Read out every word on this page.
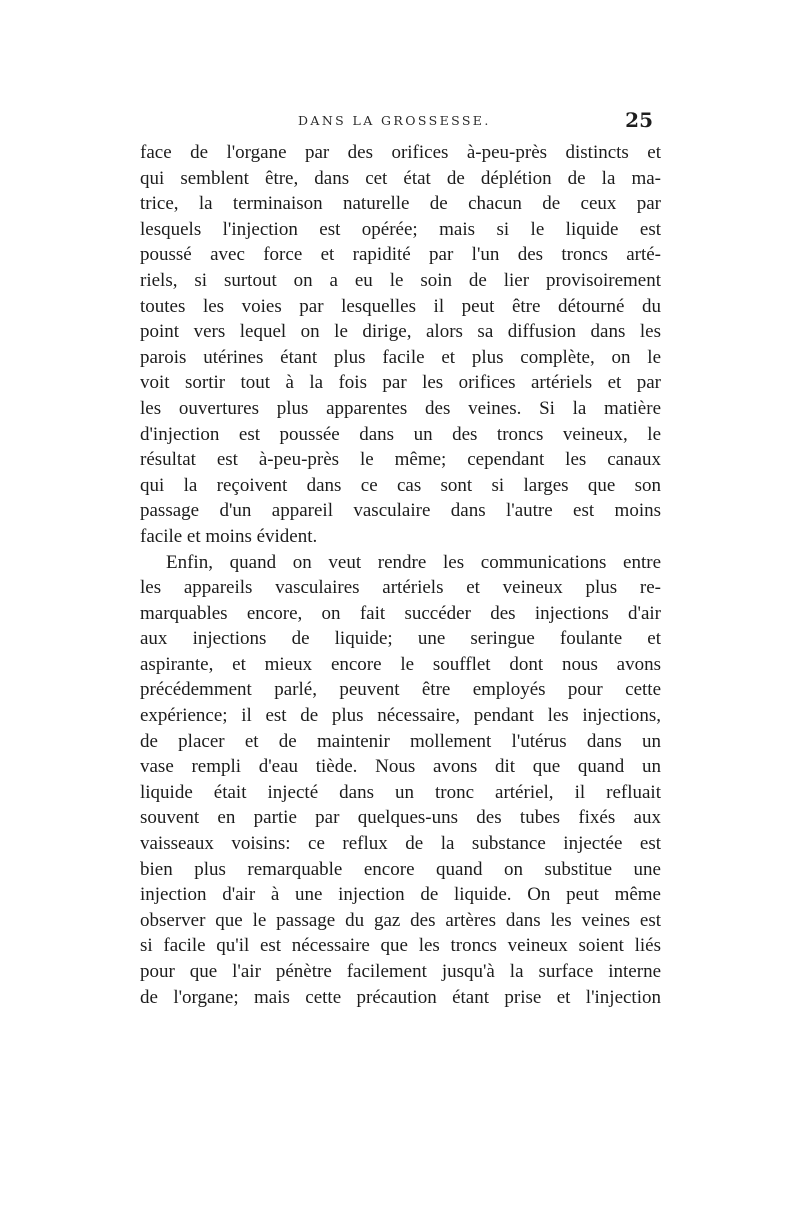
DANS LA GROSSESSE.	25
face de l'organe par des orifices à-peu-près distincts et
qui semblent être, dans cet état de déplétion de la ma-
trice, la terminaison naturelle de chacun de ceux par
lesquels l'injection est opérée; mais si le liquide est
poussé avec force et rapidité par l'un des troncs arté-
riels, si surtout on a eu le soin de lier provisoirement
toutes les voies par lesquelles il peut être détourné du
point vers lequel on le dirige, alors sa diffusion dans les
parois utérines étant plus facile et plus complète, on le
voit sortir tout à la fois par les orifices artériels et par
les ouvertures plus apparentes des veines. Si la matière
d'injection est poussée dans un des troncs veineux, le
résultat est à-peu-près le même; cependant les canaux
qui la reçoivent dans ce cas sont si larges que son
passage d'un appareil vasculaire dans l'autre est moins
facile et moins évident.
Enfin, quand on veut rendre les communications entre
les appareils vasculaires artériels et veineux plus re-
marquables encore, on fait succéder des injections d'air
aux injections de liquide; une seringue foulante et
aspirante, et mieux encore le soufflet dont nous avons
précédemment parlé, peuvent être employés pour cette
expérience; il est de plus nécessaire, pendant les injections,
de placer et de maintenir mollement l'utérus dans un
vase rempli d'eau tiède. Nous avons dit que quand un
liquide était injecté dans un tronc artériel, il refluait
souvent en partie par quelques-uns des tubes fixés aux
vaisseaux voisins: ce reflux de la substance injectée est
bien plus remarquable encore quand on substitue une
injection d'air à une injection de liquide. On peut même
observer que le passage du gaz des artères dans les veines est
si facile qu'il est nécessaire que les troncs veineux soient liés
pour que l'air pénètre facilement jusqu'à la surface interne
de l'organe; mais cette précaution étant prise et l'injection
